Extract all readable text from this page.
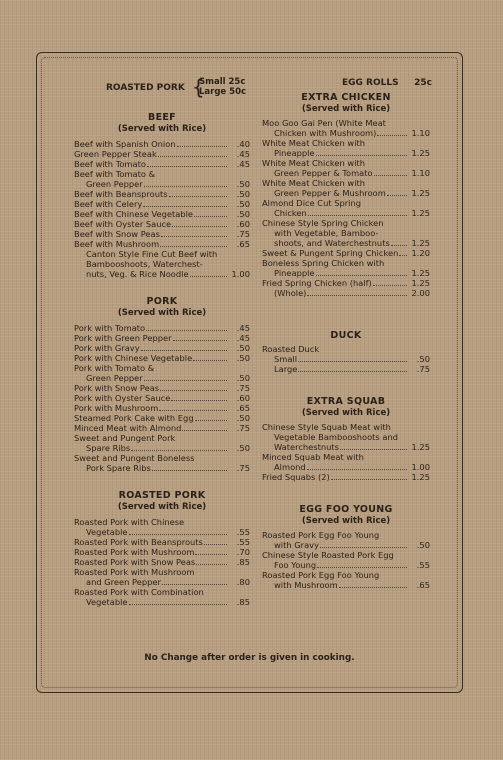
ROASTED PORK {
Small 25c
Large 50c
BEEF
(Served with Rice)
Beef with Spanish Onion	.40
Green Pepper Steak	.45
Beef with Tomato	.45
Beef with Tomato &
Green Pepper	.50
Beef with Beansprouts	.50
Beef with Celery	.50
Beef with Chinese Vegetable	.50
Beef with Oyster Sauce	.60
Beef with Snow Peas	.75
Beef with Mushroom	.65
Canton Style Fine Cut Beef with
Bambooshoots, Waterchest-
nuts, Veg. & Rice Noodle	1.00
PORK
(Served with Rice)
Pork with Tomato	.45
Pork with Green Pepper	.45
Pork with Gravy	.50
Pork with Chinese Vegetable	.50
Pork with Tomato &
Green Pepper	.50
Pork with Snow Peas	.75
Pork with Oyster Sauce	.60
Pork with Mushroom	.65
Steamed Pork Cake with Egg	.50
Minced Meat with Almond	.75
Sweet and Pungent Pork
Spare Ribs	.50
Sweet and Pungent Boneless
Pork Spare Ribs	.75
ROASTED PORK
(Served with Rice)
Roasted Pork with Chinese
Vegetable	.55
Roasted Pork with Beansprouts	.55
Roasted Pork with Mushroom	.70
Roasted Pork with Snow Peas	.85
Roasted Pork with Mushroom
and Green Pepper	.80
Roasted Pork with Combination
Vegetable	.85
EGG ROLLS 25c
EXTRA CHICKEN
(Served with Rice)
Moo Goo Gai Pen (White Meat
Chicken with Mushroom)	1.10
White Meat Chicken with
Pineapple	1.25
White Meat Chicken with
Green Pepper & Tomato	1.10
White Meat Chicken with
Green Pepper & Mushroom	1.25
Almond Dice Cut Spring
Chicken	1.25
Chinese Style Spring Chicken
with Vegetable, Bamboo-
shoots, and Waterchestnuts	1.25
Sweet & Pungent Spring Chicken	1.20
Boneless Spring Chicken with
Pineapple	1.25
Fried Spring Chicken (half)	1.25
(Whole)	2.00
DUCK
Roasted Duck
Small	.50
Large	.75
EXTRA SQUAB
(Served with Rice)
Chinese Style Squab Meat with
Vegetable Bambooshoots and
Waterchestnuts	1.25
Minced Squab Meat with
Almond	1.00
Fried Squabs (2)	1.25
EGG FOO YOUNG
(Served with Rice)
Roasted Pork Egg Foo Young
with Gravy	.50
Chinese Style Roasted Pork Egg
Foo Young	.55
Roasted Pork Egg Foo Young
with Mushroom	.65
No Change after order is given in cooking.
